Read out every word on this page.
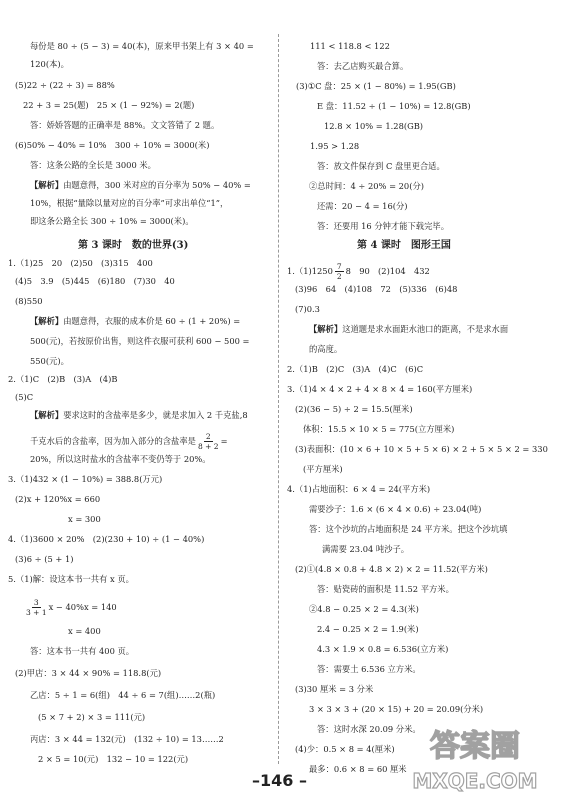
每份是 80 ÷ (5 − 3) = 40(本)，原来甲书架上有 3 × 40 =
120(本)。
(5)22 ÷ (22 ÷ 3) = 88%
22 + 3 = 25(题)　25 × (1 − 92%) = 2(题)
答：娇娇答题的正确率是 88%。文文答错了 2 题。
(6)50% − 40% = 10%　300 ÷ 10% = 3000(米)
答：这条公路的全长是 3000 米。
【解析】由题意得，300 米对应的百分率为 50% − 40% =
10%，根据“量除以量对应的百分率”可求出单位“1”，
即这条公路全长 300 ÷ 10% = 3000(米)。
第 3 课时　数的世界(3)
1.（1)25　20　(2)50　(3)315　400
(4)5　3.9　(5)445　(6)180　(7)30　40
(8)550
【解析】由题意得，衣服的成本价是 60 ÷ (1 + 20%) =
500(元)，若按原价出售，则这件衣服可获利 600 − 500 =
550(元)。
2.（1)C　(2)B　(3)A　(4)B
(5)C
【解析】要求这时的含盐率是多少，就是求加入 2 千克盐,8
千克水后的含盐率，因为加入部分的含盐率是 $\frac{2}{8 + 2}$ =
20%，所以这时盐水的含盐率不变仍等于 20%。
3.（1)432 × (1 − 10%) = 388.8(万元)
(2)x + 120%x = 660
x = 300
4.（1)3600 × 20%　(2)(230 + 10) ÷ (1 − 40%)
(3)6 ÷ (5 + 1)
5.（1)解：设这本书一共有 x 页。
$\frac{3}{3 + 1}$ x − 40%x = 140
x = 400
答：这本书一共有 400 页。
(2)甲店：3 × 44 × 90% = 118.8(元)
乙店：5 ÷ 1 = 6(组)　44 ÷ 6 = 7(组)……2(瓶)
(5 × 7 + 2) × 3 = 111(元)
丙店：3 × 44 = 132(元)　(132 ÷ 10) = 13……2
2 × 5 = 10(元)　132 − 10 = 122(元)
111 < 118.8 < 122
答：去乙店购买最合算。
(3)①C 盘：25 × (1 − 80%) = 1.95(GB)
E 盘：11.52 ÷ (1 − 10%) = 12.8(GB)
12.8 × 10% = 1.28(GB)
1.95 > 1.28
答：放文件保存到 C 盘里更合适。
②总时间：4 ÷ 20% = 20(分)
还需：20 − 4 = 16(分)
答：还要用 16 分钟才能下载完毕。
第 4 课时　图形王国
$1.(1)1250 \frac{7}{2} 8$　90　(2)104　432
(3)96　64　(4)108　72　(5)336　(6)48
(7)0.3
【解析】这道题是求水面距水池口的距离，不是求水面
的高度。
2.（1)B　(2)C　(3)A　(4)C　(6)C
3.（1)4 × 4 × 2 + 4 × 8 × 4 = 160(平方厘米)
(2)(36 − 5) ÷ 2 = 15.5(厘米)
体积：15.5 × 10 × 5 = 775(立方厘米)
(3)表面积：(10 × 6 + 10 × 5 + 5 × 6) × 2 + 5 × 5 × 2 = 330
(平方厘米)
4.（1)占地面积：6 × 4 = 24(平方米)
需要沙子：1.6 × (6 × 4 × 0.6) ÷ 23.04(吨)
答：这个沙坑的占地面积是 24 平方米。把这个沙坑填
满需要 23.04 吨沙子。
(2)①(4.8 × 0.8 + 4.8 × 2) × 2 = 11.52(平方米)
答：贴瓷砖的面积是 11.52 平方米。
②4.8 − 0.25 × 2 = 4.3(米)
2.4 − 0.25 × 2 = 1.9(米)
4.3 × 1.9 × 0.8 = 6.536(立方米)
答：需要土 6.536 立方米。
(3)30 厘米 = 3 分米
3 × 3 × 3 + (20 × 15) + 20 = 20.09(分米)
答：这时水深 20.09 分米。
(4)少：0.5 × 8 = 4(厘米)
最多：0.6 × 8 = 60 厘米
–146 –
答案圈
MXQE.COM
